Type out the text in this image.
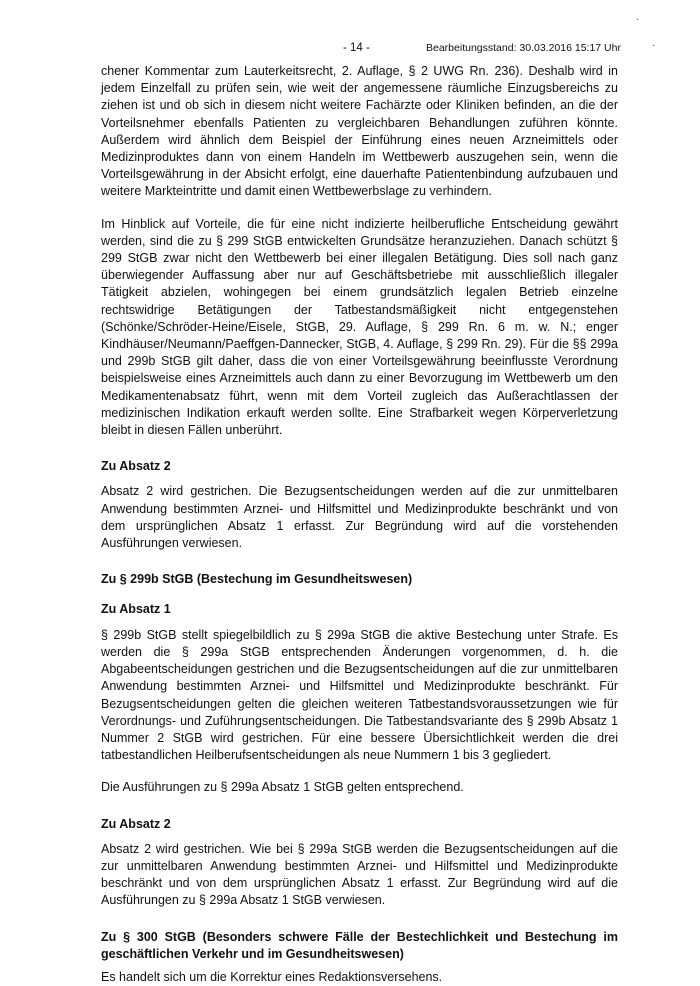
- 14 -	Bearbeitungsstand: 30.03.2016 15:17 Uhr
·
·

chener Kommentar zum Lauterkeitsrecht, 2. Auflage, § 2 UWG Rn. 236). Deshalb wird in jedem Einzelfall zu prüfen sein, wie weit der angemessene räumliche Einzugsbereichs zu ziehen ist und ob sich in diesem nicht weitere Fachärzte oder Kliniken befinden, an die der Vorteilsnehmer ebenfalls Patienten zu vergleichbaren Behandlungen zuführen könnte. Außerdem wird ähnlich dem Beispiel der Einführung eines neuen Arzneimittels oder Medizinproduktes dann von einem Handeln im Wettbewerb auszugehen sein, wenn die Vorteilsgewährung in der Absicht erfolgt, eine dauerhafte Patientenbindung aufzubauen und weitere Markteintritte und damit einen Wettbewerbslage zu verhindern.

Im Hinblick auf Vorteile, die für eine nicht indizierte heilberufliche Entscheidung gewährt werden, sind die zu § 299 StGB entwickelten Grundsätze heranzuziehen. Danach schützt § 299 StGB zwar nicht den Wettbewerb bei einer illegalen Betätigung. Dies soll nach ganz überwiegender Auffassung aber nur auf Geschäftsbetriebe mit ausschließlich illegaler Tätigkeit abzielen, wohingegen bei einem grundsätzlich legalen Betrieb einzelne rechtswidrige Betätigungen der Tatbestandsmäßigkeit nicht entgegenstehen (Schönke/Schröder-Heine/Eisele, StGB, 29. Auflage, § 299 Rn. 6 m. w. N.; enger Kindhäuser/Neumann/Paeffgen-Dannecker, StGB, 4. Auflage, § 299 Rn. 29). Für die §§ 299a und 299b StGB gilt daher, dass die von einer Vorteilsgewährung beeinflusste Verordnung beispielsweise eines Arzneimittels auch dann zu einer Bevorzugung im Wettbewerb um den Medikamentenabsatz führt, wenn mit dem Vorteil zugleich das Außerachtlassen der medizinischen Indikation erkauft werden sollte. Eine Strafbarkeit wegen Körperverletzung bleibt in diesen Fällen unberührt.

Zu Absatz 2

Absatz 2 wird gestrichen. Die Bezugsentscheidungen werden auf die zur unmittelbaren Anwendung bestimmten Arznei- und Hilfsmittel und Medizinprodukte beschränkt und von dem ursprünglichen Absatz 1 erfasst. Zur Begründung wird auf die vorstehenden Ausführungen verwiesen.

Zu § 299b StGB (Bestechung im Gesundheitswesen)

Zu Absatz 1

§ 299b StGB stellt spiegelbildlich zu § 299a StGB die aktive Bestechung unter Strafe. Es werden die § 299a StGB entsprechenden Änderungen vorgenommen, d. h. die Abgabeentscheidungen gestrichen und die Bezugsentscheidungen auf die zur unmittelbaren Anwendung bestimmten Arznei- und Hilfsmittel und Medizinprodukte beschränkt. Für Bezugsentscheidungen gelten die gleichen weiteren Tatbestandsvoraussetzungen wie für Verordnungs- und Zuführungsentscheidungen. Die Tatbestandsvariante des § 299b Absatz 1 Nummer 2 StGB wird gestrichen. Für eine bessere Übersichtlichkeit werden die drei tatbestandlichen Heilberufsentscheidungen als neue Nummern 1 bis 3 gegliedert.

Die Ausführungen zu § 299a Absatz 1 StGB gelten entsprechend.

Zu Absatz 2

Absatz 2 wird gestrichen. Wie bei § 299a StGB werden die Bezugsentscheidungen auf die zur unmittelbaren Anwendung bestimmten Arznei- und Hilfsmittel und Medizinprodukte beschränkt und von dem ursprünglichen Absatz 1 erfasst. Zur Begründung wird auf die Ausführungen zu § 299a Absatz 1 StGB verwiesen.

Zu § 300 StGB (Besonders schwere Fälle der Bestechlichkeit und Bestechung im geschäftlichen Verkehr und im Gesundheitswesen)

Es handelt sich um die Korrektur eines Redaktionsversehens.
